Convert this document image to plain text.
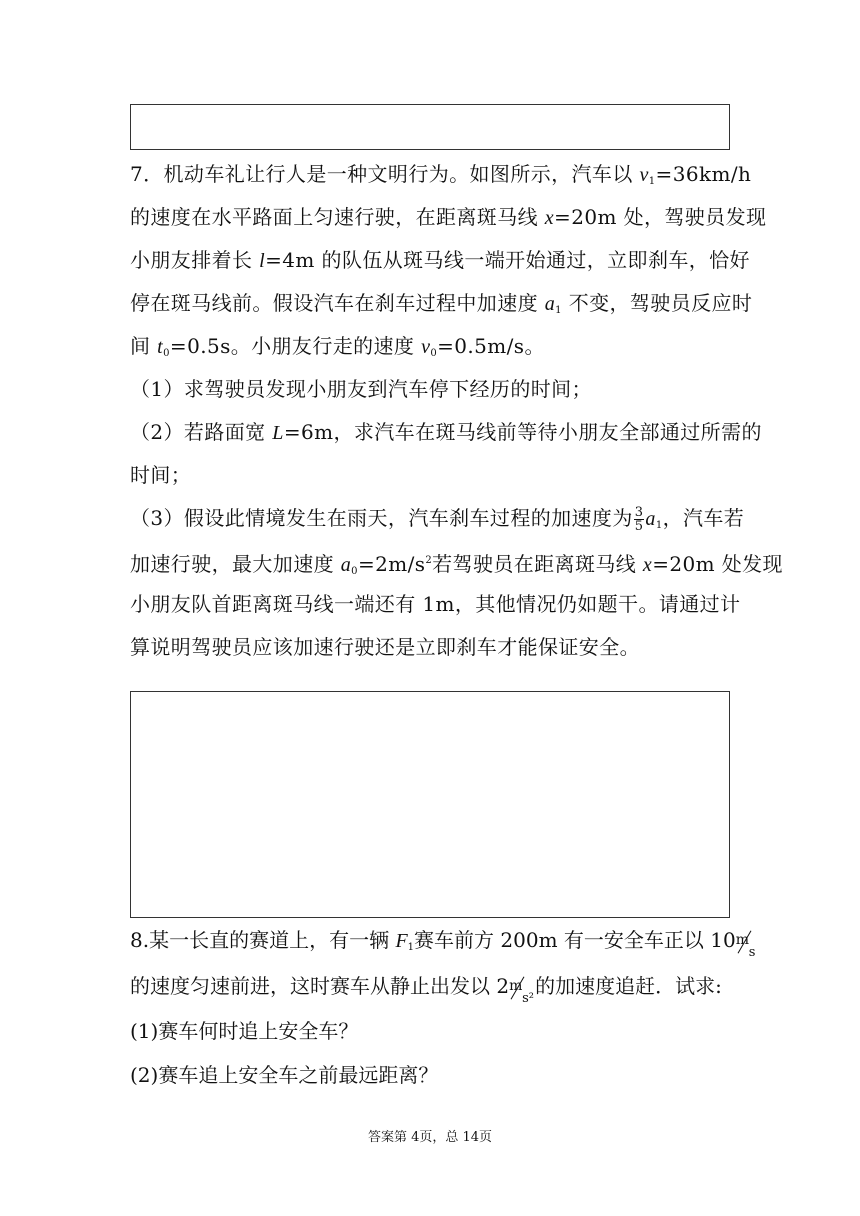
7．机动车礼让行人是一种文明行为。如图所示，汽车以 $v_1=36km/h$
的速度在水平路面上匀速行驶，在距离斑马线 x=20m 处，驾驶员发现
小朋友排着长 l=4m 的队伍从斑马线一端开始通过，立即刹车，恰好
停在斑马线前。假设汽车在刹车过程中加速度 $a_1$ 不变，驾驶员反应时
间 $t_0=0.5s$。小朋友行走的速度 $v_0=0.5m/s$。
（1）求驾驶员发现小朋友到汽车停下经历的时间；
（2）若路面宽 L=6m，求汽车在斑马线前等待小朋友全部通过所需的
时间；
（3）假设此情境发生在雨天，汽车刹车过程的加速度为 $\frac{3}{5} a_1$，汽车若
加速行驶，最大加速度 $a_0=2m/s^2$若驾驶员在距离斑马线 x=20m 处发现
小朋友队首距离斑马线一端还有 1m，其他情况仍如题干。请通过计
算说明驾驶员应该加速行驶还是立即刹车才能保证安全。
8.某一长直的赛道上，有一辆 $F_1$赛车前方 200m 有一安全车正以 10 m
s
的速度匀速前进，这时赛车从静止出发以 2 m
s² 的加速度追赶．试求:
(1)赛车何时追上安全车？
(2)赛车追上安全车之前最远距离？
答案第 4页，总 14页
